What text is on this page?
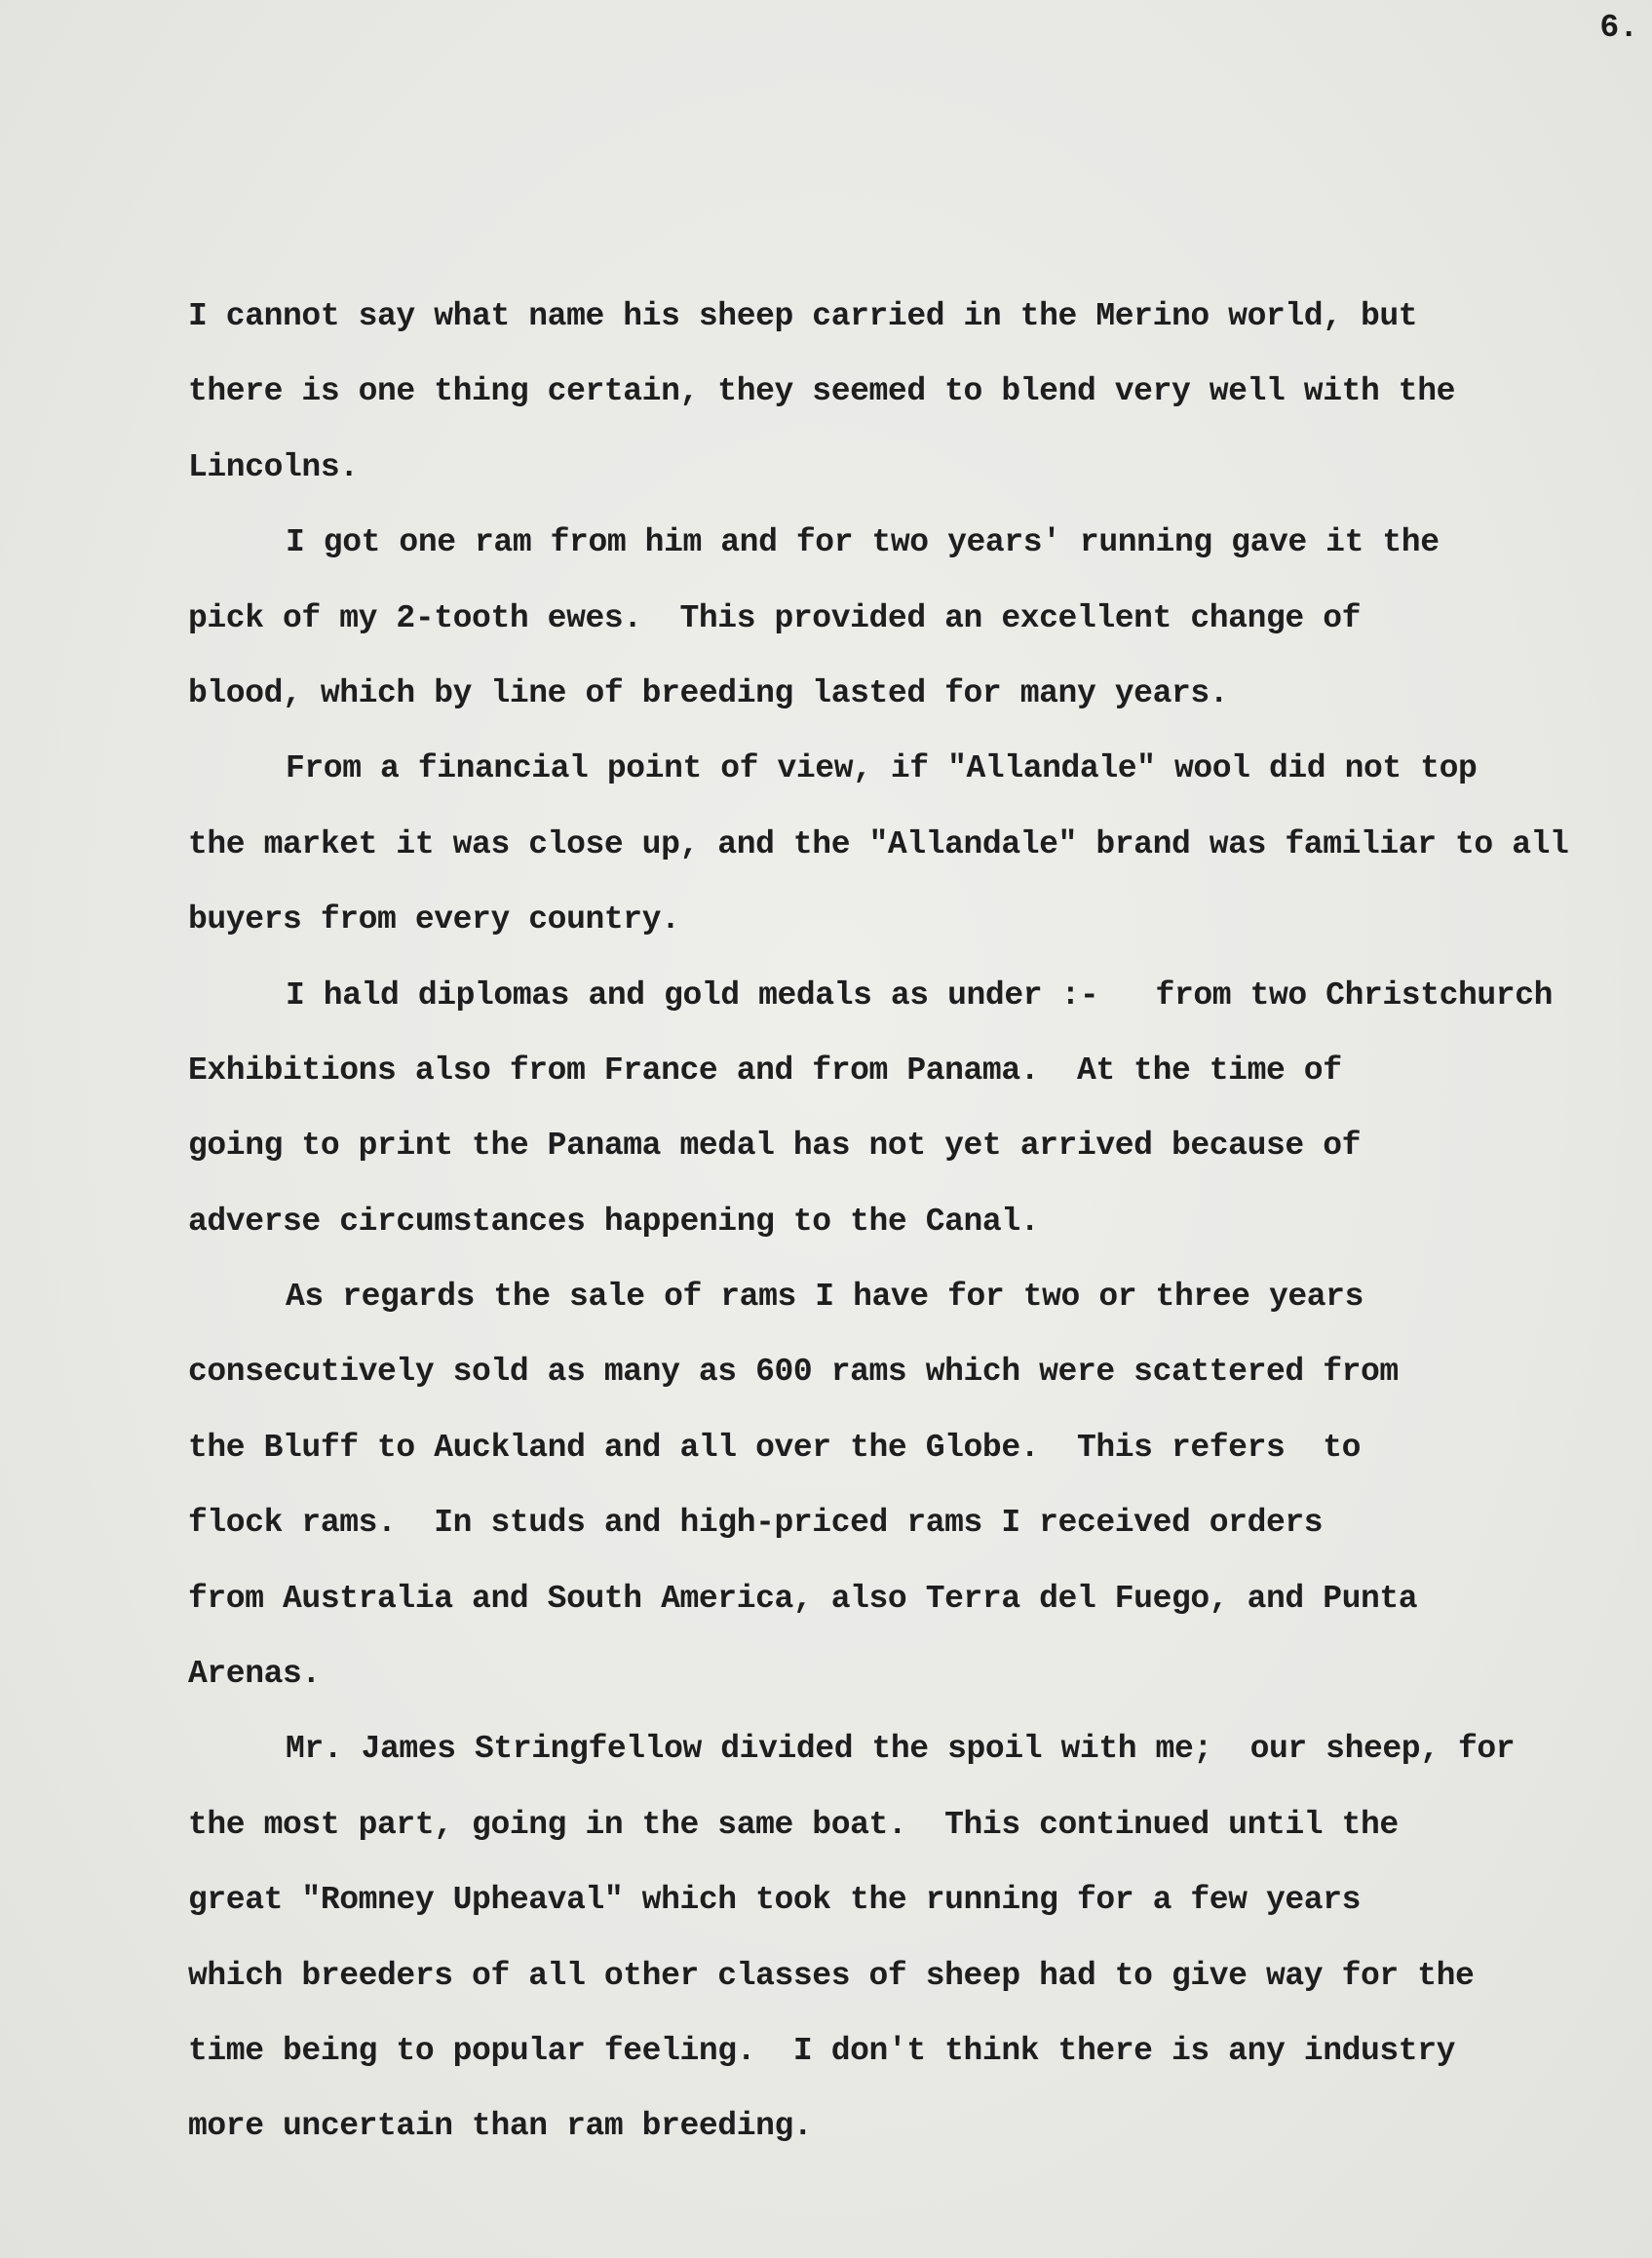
6.

I cannot say what name his sheep carried in the Merino world, but
there is one thing certain, they seemed to blend very well with the
Lincolns.
I got one ram from him and for two years' running gave it the
pick of my 2-tooth ewes.  This provided an excellent change of
blood, which by line of breeding lasted for many years.
From a financial point of view, if "Allandale" wool did not top
the market it was close up, and the "Allandale" brand was familiar to all
buyers from every country.
I hald diplomas and gold medals as under :-   from two Christchurch
Exhibitions also from France and from Panama.  At the time of
going to print the Panama medal has not yet arrived because of
adverse circumstances happening to the Canal.
As regards the sale of rams I have for two or three years
consecutively sold as many as 600 rams which were scattered from
the Bluff to Auckland and all over the Globe.  This refers  to
flock rams.  In studs and high-priced rams I received orders
from Australia and South America, also Terra del Fuego, and Punta
Arenas.
Mr. James Stringfellow divided the spoil with me;  our sheep, for
the most part, going in the same boat.  This continued until the
great "Romney Upheaval" which took the running for a few years
which breeders of all other classes of sheep had to give way for the
time being to popular feeling.  I don't think there is any industry
more uncertain than ram breeding.
